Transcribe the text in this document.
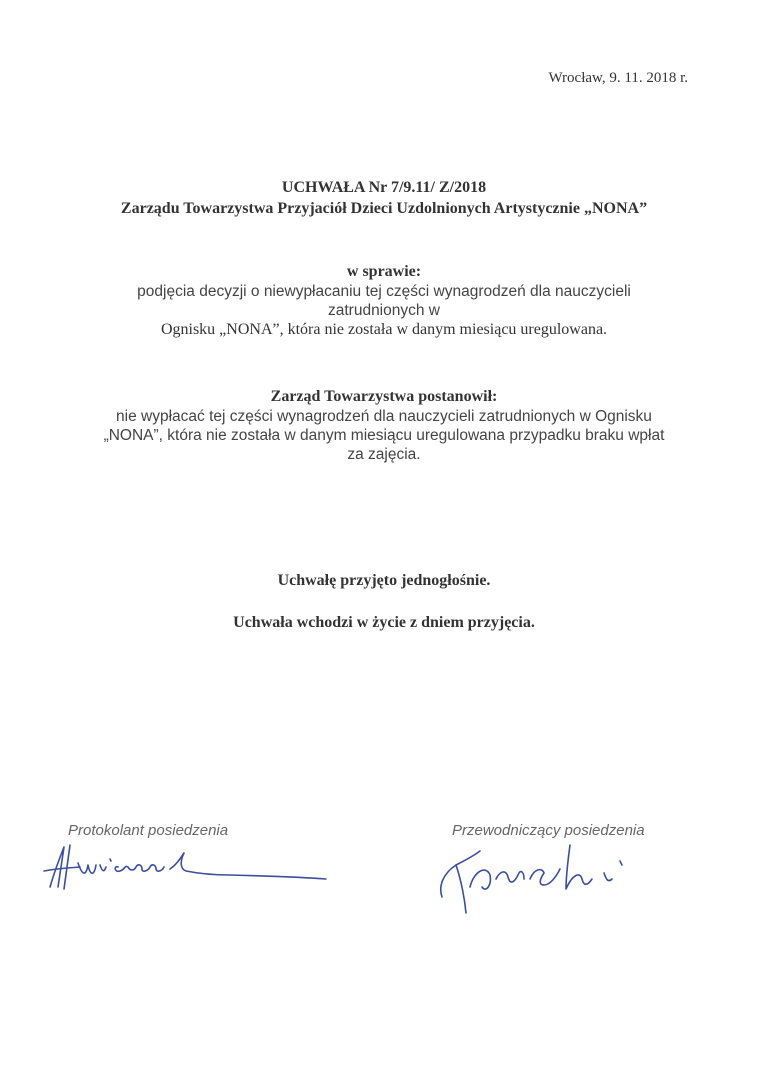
Wrocław, 9. 11. 2018 r.
UCHWAŁA Nr 7/9.11/ Z/2018
Zarządu Towarzystwa Przyjaciół Dzieci Uzdolnionych Artystycznie „NONA”
w sprawie:
podjęcia decyzji o niewypłacaniu tej części wynagrodzeń dla nauczycieli
zatrudnionych w
Ognisku „NONA”, która nie została w danym miesiącu uregulowana.
Zarząd Towarzystwa postanowił:
nie wypłacać tej części wynagrodzeń dla nauczycieli zatrudnionych w Ognisku
„NONA”, która nie została w danym miesiącu uregulowana przypadku braku wpłat
za zajęcia.
Uchwałę przyjęto jednogłośnie.
Uchwała wchodzi w życie z dniem przyjęcia.
Protokolant posiedzenia	Przewodniczący posiedzenia
